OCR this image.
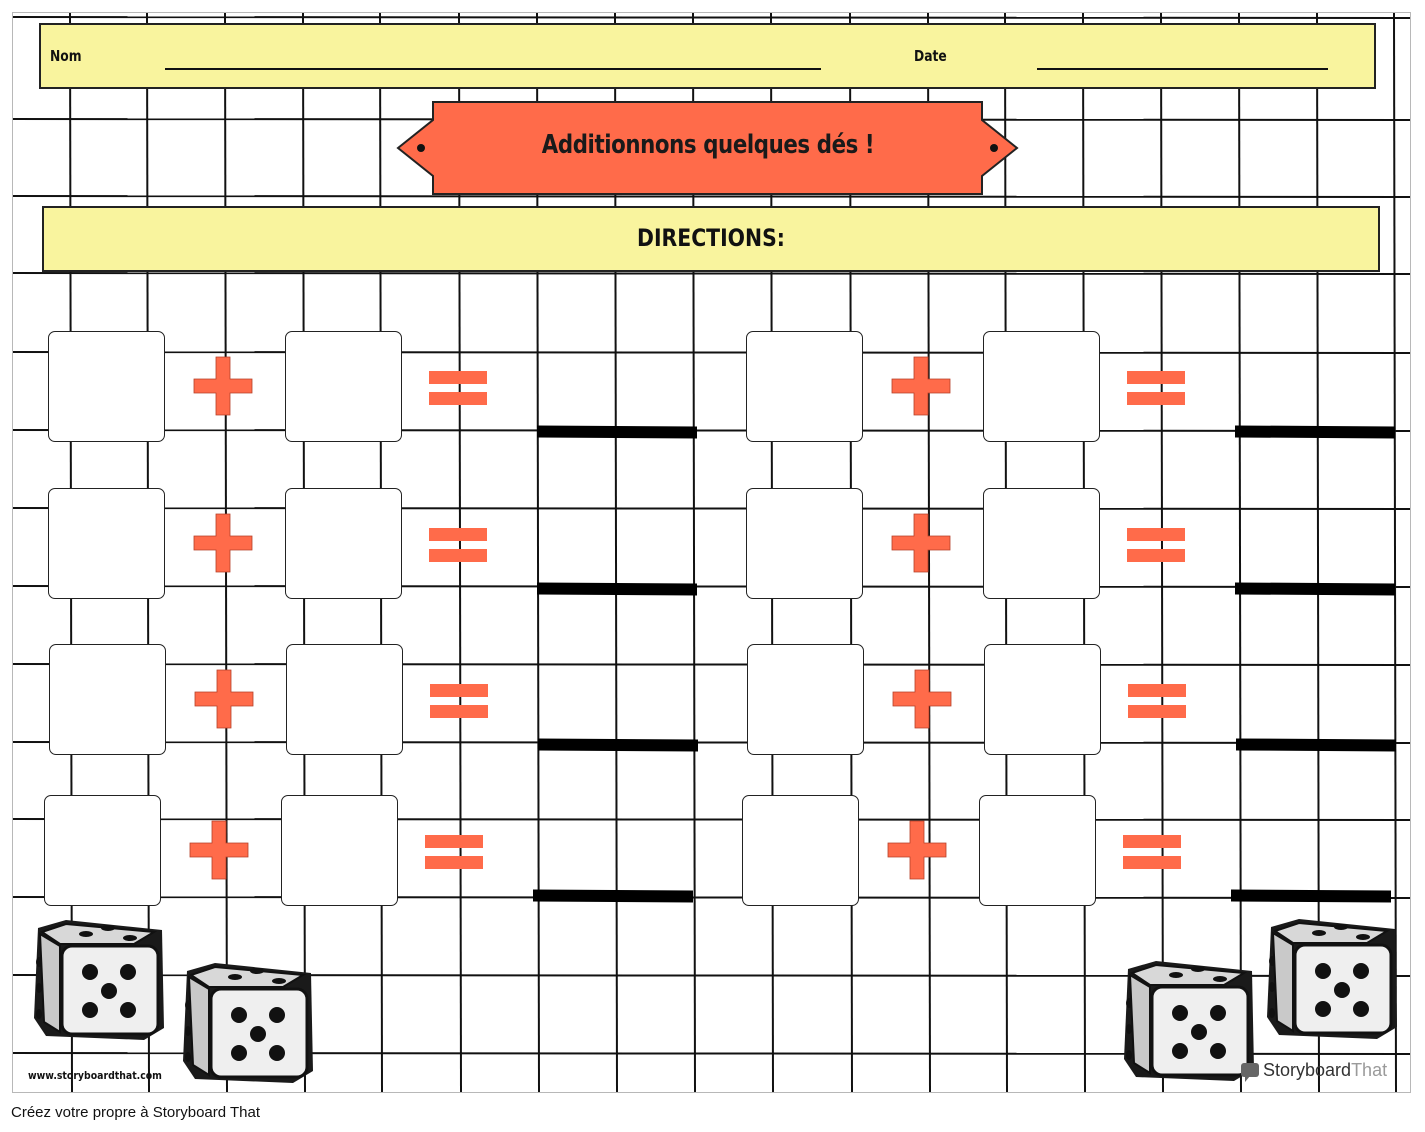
Nom	Date
Additionnons quelques dés !
DIRECTIONS:
www.storyboardthat.com	StoryboardThat
Créez votre propre à Storyboard That
